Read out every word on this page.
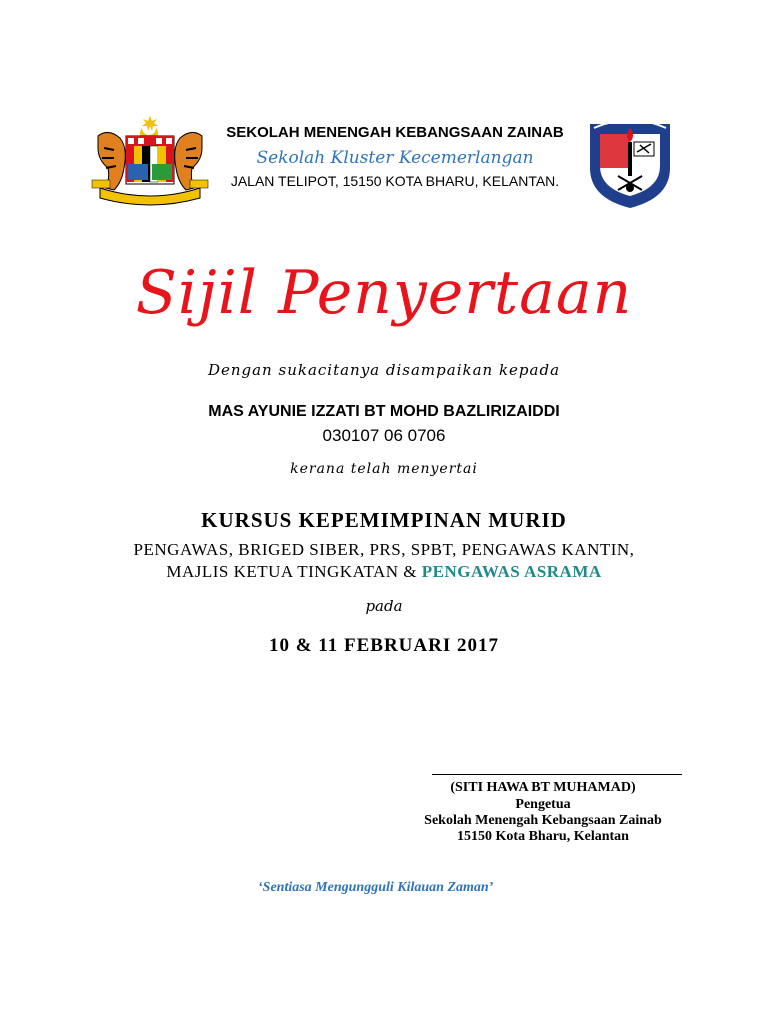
SEKOLAH MENENGAH KEBANGSAAN ZAINAB
Sekolah Kluster Kecemerlangan
JALAN TELIPOT, 15150 KOTA BHARU, KELANTAN.
Sijil Penyertaan
Dengan sukacitanya disampaikan kepada
MAS AYUNIE IZZATI BT MOHD BAZLIRIZAIDDI
030107 06 0706
kerana telah menyertai
KURSUS KEPEMIMPINAN MURID
PENGAWAS, BRIGED SIBER, PRS, SPBT, PENGAWAS KANTIN,
MAJLIS KETUA TINGKATAN & PENGAWAS ASRAMA
pada
10 & 11 FEBRUARI 2017
(SITI HAWA BT MUHAMAD)
Pengetua
Sekolah Menengah Kebangsaan Zainab
15150 Kota Bharu, Kelantan
‘Sentiasa Mengungguli Kilauan Zaman’
